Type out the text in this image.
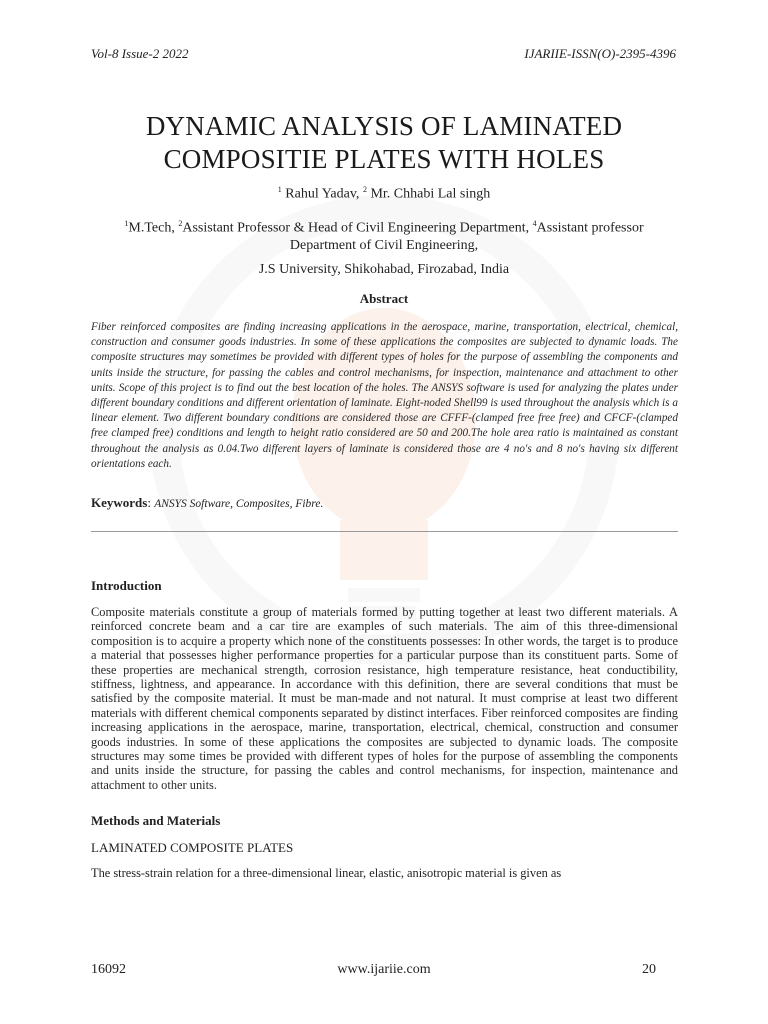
Vol-8 Issue-2 2022	IJARIIE-ISSN(O)-2395-4396
DYNAMIC ANALYSIS OF LAMINATED
COMPOSITIE PLATES WITH HOLES
$^1$ Rahul Yadav, $^2$ Mr. Chhabi Lal singh
$^1$M.Tech, $^2$Assistant Professor & Head of Civil Engineering Department, $^4$Assistant professor Department of Civil Engineering,
J.S University, Shikohabad, Firozabad, India
Abstract
Fiber reinforced composites are finding increasing applications in the aerospace, marine, transportation, electrical, chemical, construction and consumer goods industries. In some of these applications the composites are subjected to dynamic loads. The composite structures may sometimes be provided with different types of holes for the purpose of assembling the components and units inside the structure, for passing the cables and control mechanisms, for inspection, maintenance and attachment to other units. Scope of this project is to find out the best location of the holes. The ANSYS software is used for analyzing the plates under different boundary conditions and different orientation of laminate. Eight-noded Shell99 is used throughout the analysis which is a linear element. Two different boundary conditions are considered those are CFFF-(clamped free free free) and CFCF-(clamped free clamped free) conditions and length to height ratio considered are 50 and 200.The hole area ratio is maintained as constant throughout the analysis as 0.04.Two different layers of laminate is considered those are 4 no's and 8 no's having six different orientations each.
Keywords: ANSYS Software, Composites, Fibre.
Introduction
Composite materials constitute a group of materials formed by putting together at least two different materials. A reinforced concrete beam and a car tire are examples of such materials. The aim of this three-dimensional composition is to acquire a property which none of the constituents possesses: In other words, the target is to produce a material that possesses higher performance properties for a particular purpose than its constituent parts. Some of these properties are mechanical strength, corrosion resistance, high temperature resistance, heat conductibility, stiffness, lightness, and appearance. In accordance with this definition, there are several conditions that must be satisfied by the composite material. It must be man-made and not natural. It must comprise at least two different materials with different chemical components separated by distinct interfaces. Fiber reinforced composites are finding increasing applications in the aerospace, marine, transportation, electrical, chemical, construction and consumer goods industries. In some of these applications the composites are subjected to dynamic loads. The composite structures may some times be provided with different types of holes for the purpose of assembling the components and units inside the structure, for passing the cables and control mechanisms, for inspection, maintenance and attachment to other units.
Methods and Materials
LAMINATED COMPOSITE PLATES
The stress-strain relation for a three-dimensional linear, elastic, anisotropic material is given as
16092	www.ijariie.com	20
